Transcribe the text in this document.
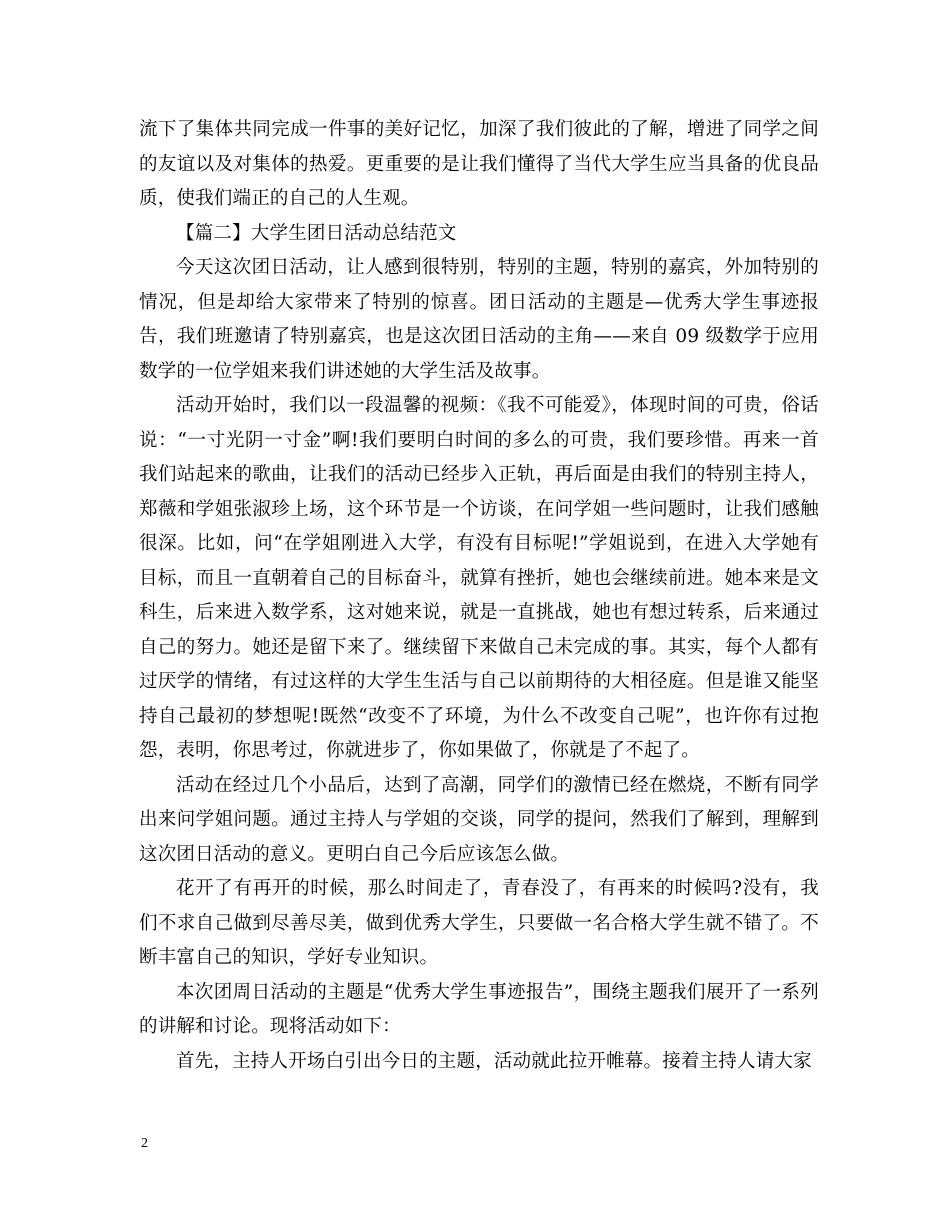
流下了集体共同完成一件事的美好记忆，加深了我们彼此的了解，增进了同学之间的友谊以及对集体的热爱。更重要的是让我们懂得了当代大学生应当具备的优良品质，使我们端正的自己的人生观。

【篇二】大学生团日活动总结范文

今天这次团日活动，让人感到很特别，特别的主题，特别的嘉宾，外加特别的情况，但是却给大家带来了特别的惊喜。团日活动的主题是—优秀大学生事迹报告，我们班邀请了特别嘉宾，也是这次团日活动的主角——来自 09 级数学于应用数学的一位学姐来我们讲述她的大学生活及故事。

活动开始时，我们以一段温馨的视频：《我不可能爱》，体现时间的可贵，俗话说：“一寸光阴一寸金”啊!我们要明白时间的多么的可贵，我们要珍惜。再来一首我们站起来的歌曲，让我们的活动已经步入正轨，再后面是由我们的特别主持人，郑薇和学姐张淑珍上场，这个环节是一个访谈，在问学姐一些问题时，让我们感触很深。比如，问“在学姐刚进入大学，有没有目标呢!”学姐说到，在进入大学她有目标，而且一直朝着自己的目标奋斗，就算有挫折，她也会继续前进。她本来是文科生，后来进入数学系，这对她来说，就是一直挑战，她也有想过转系，后来通过自己的努力。她还是留下来了。继续留下来做自己未完成的事。其实，每个人都有过厌学的情绪，有过这样的大学生生活与自己以前期待的大相径庭。但是谁又能坚持自己最初的梦想呢!既然“改变不了环境，为什么不改变自己呢”，也许你有过抱怨，表明，你思考过，你就进步了，你如果做了，你就是了不起了。

活动在经过几个小品后，达到了高潮，同学们的激情已经在燃烧，不断有同学出来问学姐问题。通过主持人与学姐的交谈，同学的提问，然我们了解到，理解到这次团日活动的意义。更明白自己今后应该怎么做。

花开了有再开的时候，那么时间走了，青春没了，有再来的时候吗?没有，我们不求自己做到尽善尽美，做到优秀大学生，只要做一名合格大学生就不错了。不断丰富自己的知识，学好专业知识。

本次团周日活动的主题是“优秀大学生事迹报告”，围绕主题我们展开了一系列的讲解和讨论。现将活动如下：

首先，主持人开场白引出今日的主题，活动就此拉开帷幕。接着主持人请大家

2
